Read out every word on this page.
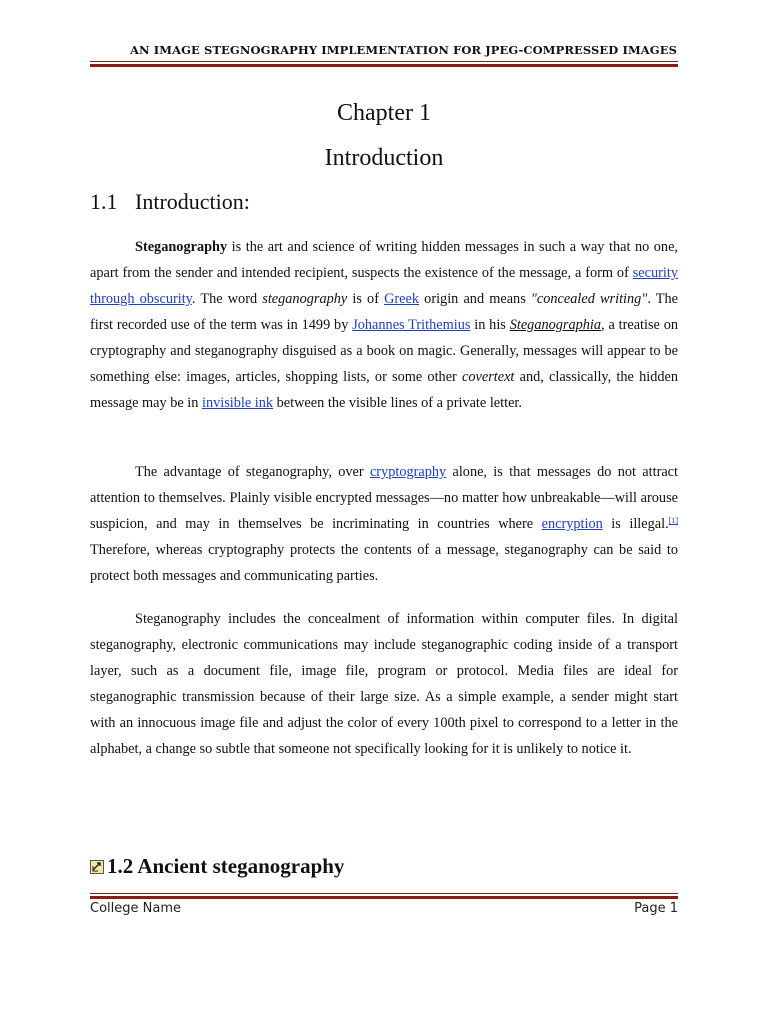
AN IMAGE STEGNOGRAPHY IMPLEMENTATION FOR JPEG-COMPRESSED IMAGES
Chapter 1
Introduction
1.1 Introduction:

Steganography is the art and science of writing hidden messages in such a way that no one, apart from the sender and intended recipient, suspects the existence of the message, a form of security through obscurity. The word steganography is of Greek origin and means "concealed writing". The first recorded use of the term was in 1499 by Johannes Trithemius in his Steganographia, a treatise on cryptography and steganography disguised as a book on magic. Generally, messages will appear to be something else: images, articles, shopping lists, or some other covertext and, classically, the hidden message may be in invisible ink between the visible lines of a private letter.

The advantage of steganography, over cryptography alone, is that messages do not attract attention to themselves. Plainly visible encrypted messages—no matter how unbreakable—will arouse suspicion, and may in themselves be incriminating in countries where encryption is illegal.[1] Therefore, whereas cryptography protects the contents of a message, steganography can be said to protect both messages and communicating parties.

Steganography includes the concealment of information within computer files. In digital steganography, electronic communications may include steganographic coding inside of a transport layer, such as a document file, image file, program or protocol. Media files are ideal for steganographic transmission because of their large size. As a simple example, a sender might start with an innocuous image file and adjust the color of every 100th pixel to correspond to a letter in the alphabet, a change so subtle that someone not specifically looking for it is unlikely to notice it.

1.2 Ancient steganography
College Name	Page 1
